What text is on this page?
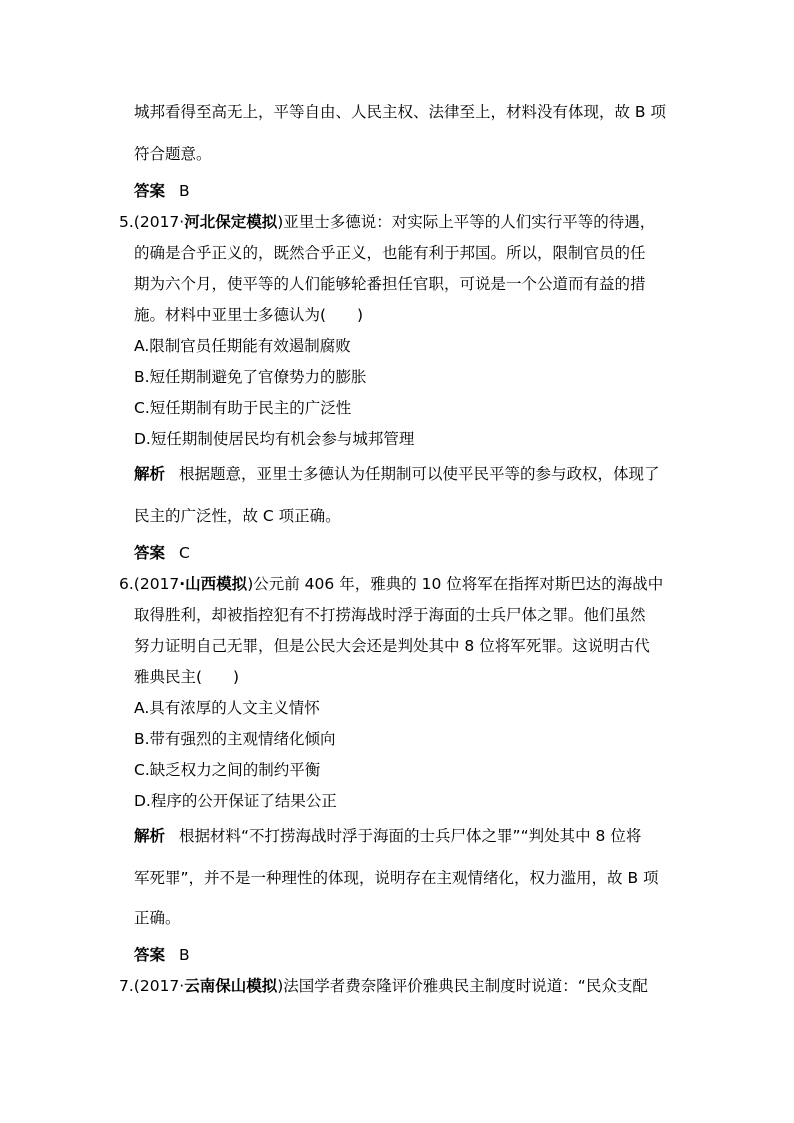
城邦看得至高无上，平等自由、人民主权、法律至上，材料没有体现，故 B 项
符合题意。
答案 B
5.(2017·河北保定模拟)亚里士多德说：对实际上平等的人们实行平等的待遇，
的确是合乎正义的，既然合乎正义，也能有利于邦国。所以，限制官员的任
期为六个月，使平等的人们能够轮番担任官职，可说是一个公道而有益的措
施。材料中亚里士多德认为(　　)
A.限制官员任期能有效遏制腐败
B.短任期制避免了官僚势力的膨胀
C.短任期制有助于民主的广泛性
D.短任期制使居民均有机会参与城邦管理
解析 根据题意，亚里士多德认为任期制可以使平民平等的参与政权，体现了
民主的广泛性，故 C 项正确。
答案 C
6.(2017·山西模拟)公元前 406 年，雅典的 10 位将军在指挥对斯巴达的海战中
取得胜利，却被指控犯有不打捞海战时浮于海面的士兵尸体之罪。他们虽然
努力证明自己无罪，但是公民大会还是判处其中 8 位将军死罪。这说明古代
雅典民主(　　)
A.具有浓厚的人文主义情怀
B.带有强烈的主观情绪化倾向
C.缺乏权力之间的制约平衡
D.程序的公开保证了结果公正
解析 根据材料“不打捞海战时浮于海面的士兵尸体之罪”“判处其中 8 位将
军死罪”，并不是一种理性的体现，说明存在主观情绪化，权力滥用，故 B 项
正确。
答案 B
7.(2017·云南保山模拟)法国学者费奈隆评价雅典民主制度时说道：“民众支配
